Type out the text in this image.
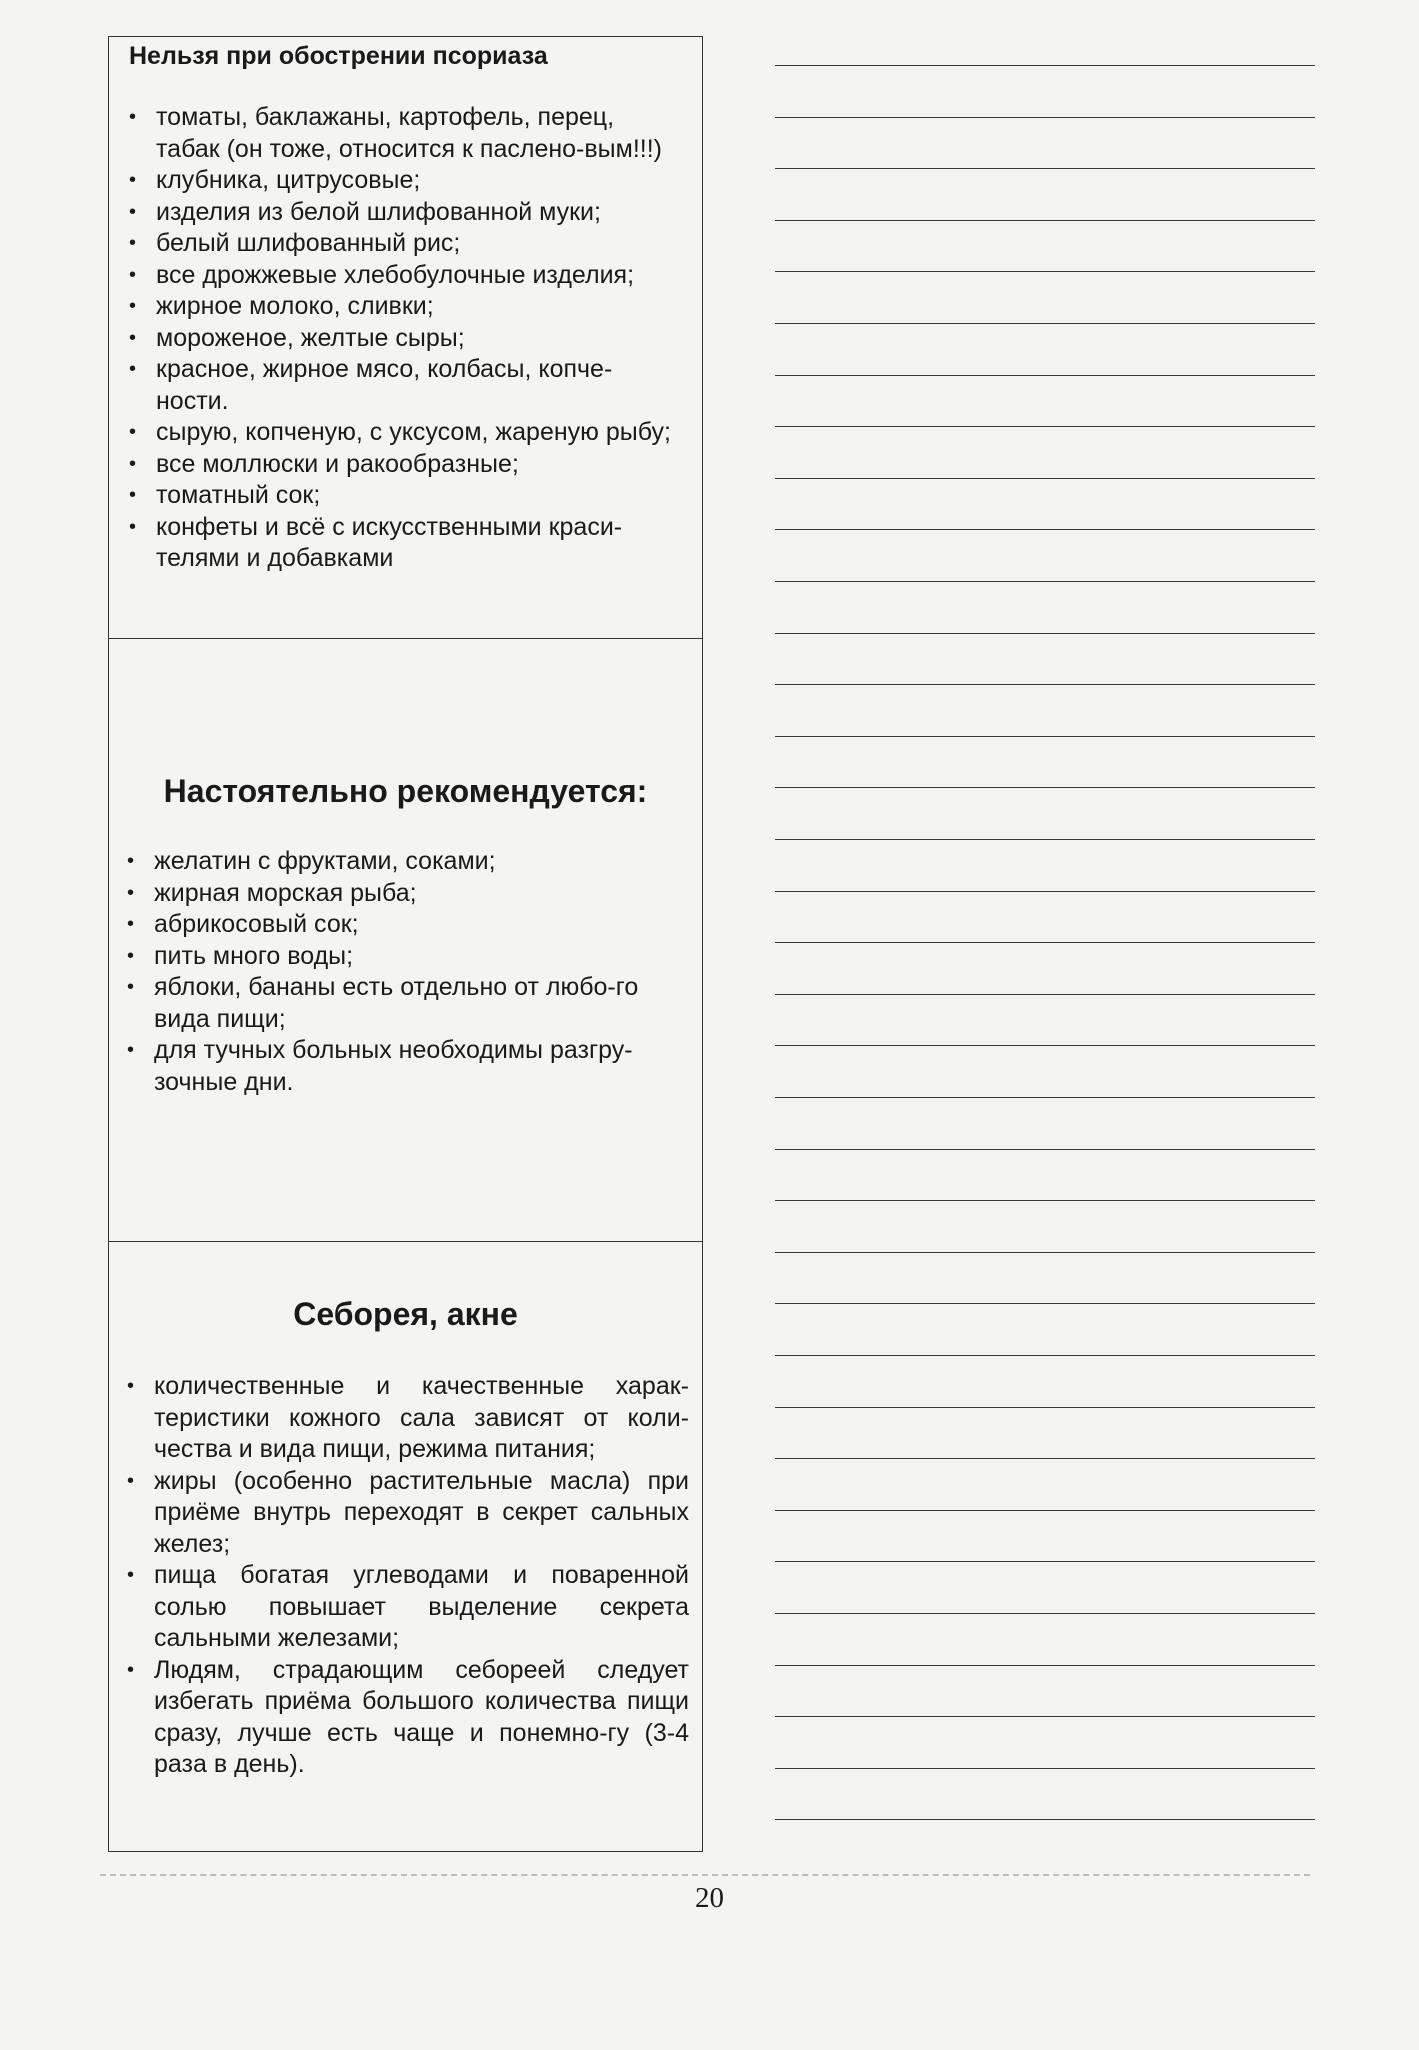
Нельзя при обострении псориаза
• томаты, баклажаны, картофель, перец, табак (он тоже, относится к паслено-вым!!!)
• клубника, цитрусовые;
• изделия из белой шлифованной муки;
• белый шлифованный рис;
• все дрожжевые хлебобулочные изделия;
• жирное молоко, сливки;
• мороженое, желтые сыры;
• красное, жирное мясо, колбасы, копче-ности.
• сырую, копченую, с уксусом, жареную рыбу;
• все моллюски и ракообразные;
• томатный сок;
• конфеты и всё с искусственными краси-телями и добавками
Настоятельно рекомендуется:
• желатин с фруктами, соками;
• жирная морская рыба;
• абрикосовый сок;
• пить много воды;
• яблоки, бананы есть отдельно от любо-го вида пищи;
• для тучных больных необходимы разгру-зочные дни.
Себорея, акне
• количественные и качественные харак-теристики кожного сала зависят от коли-чества и вида пищи, режима питания;
• жиры (особенно растительные масла) при приёме внутрь переходят в секрет сальных желез;
• пища богатая углеводами и поваренной солью повышает выделение секрета сальными железами;
• Людям, страдающим себореей следует избегать приёма большого количества пищи сразу, лучше есть чаще и понемно-гу (3-4 раза в день).
20
